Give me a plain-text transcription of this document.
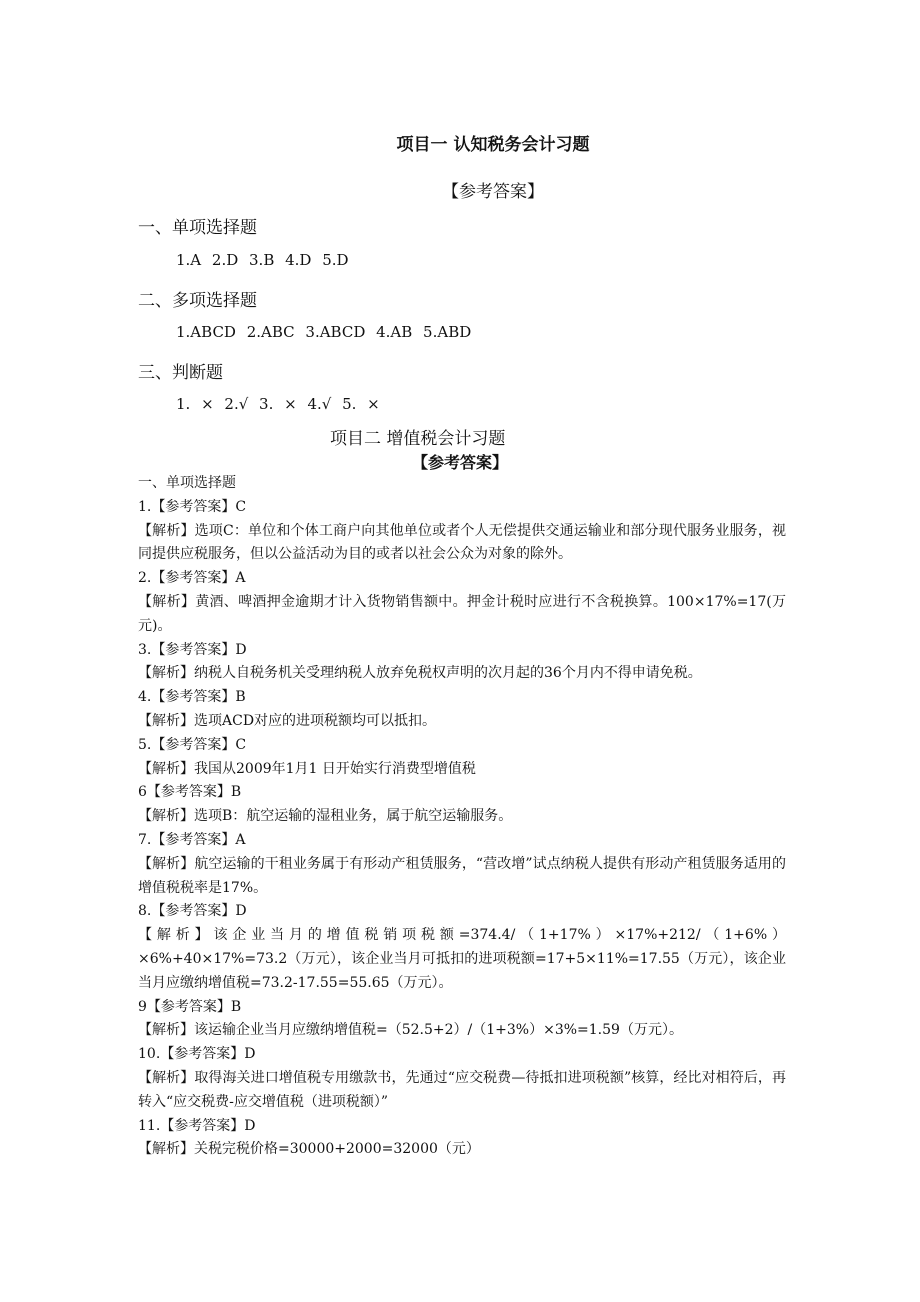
项目一 认知税务会计习题
【参考答案】
一、单项选择题
1.A 2.D 3.B 4.D 5.D
二、多项选择题
1.ABCD 2.ABC 3.ABCD 4.AB 5.ABD
三、判断题
1. × 2.√ 3. × 4.√ 5. ×
项目二 增值税会计习题
【参考答案】

一、单项选择题

1.【参考答案】C

【解析】选项C：单位和个体工商户向其他单位或者个人无偿提供交通运输业和部分现代服务业服务，视同提供应税服务，但以公益活动为目的或者以社会公众为对象的除外。

2.【参考答案】A

【解析】黄酒、啤酒押金逾期才计入货物销售额中。押金计税时应进行不含税换算。100×17%=17(万元)。

3.【参考答案】D

【解析】纳税人自税务机关受理纳税人放弃免税权声明的次月起的36个月内不得申请免税。

4.【参考答案】B

【解析】选项ACD对应的进项税额均可以抵扣。

5.【参考答案】C

【解析】我国从2009年1月1 日开始实行消费型增值税

6【参考答案】B

【解析】选项B：航空运输的湿租业务，属于航空运输服务。

7.【参考答案】A

【解析】航空运输的干租业务属于有形动产租赁服务，“营改增”试点纳税人提供有形动产租赁服务适用的增值税税率是17%。

8.【参考答案】D

【解析】该企业当月的增值税销项税额=374.4/（1+17%）×17%+212/（1+6%）×6%+40×17%=73.2（万元），该企业当月可抵扣的进项税额=17+5×11%=17.55（万元），该企业当月应缴纳增值税=73.2-17.55=55.65（万元）。

9【参考答案】B

【解析】该运输企业当月应缴纳增值税=（52.5+2）/（1+3%）×3%=1.59（万元）。

10.【参考答案】D

【解析】取得海关进口增值税专用缴款书，先通过“应交税费—待抵扣进项税额”核算，经比对相符后，再转入“应交税费-应交增值税（进项税额）”

11.【参考答案】D

【解析】关税完税价格=30000+2000=32000（元）
